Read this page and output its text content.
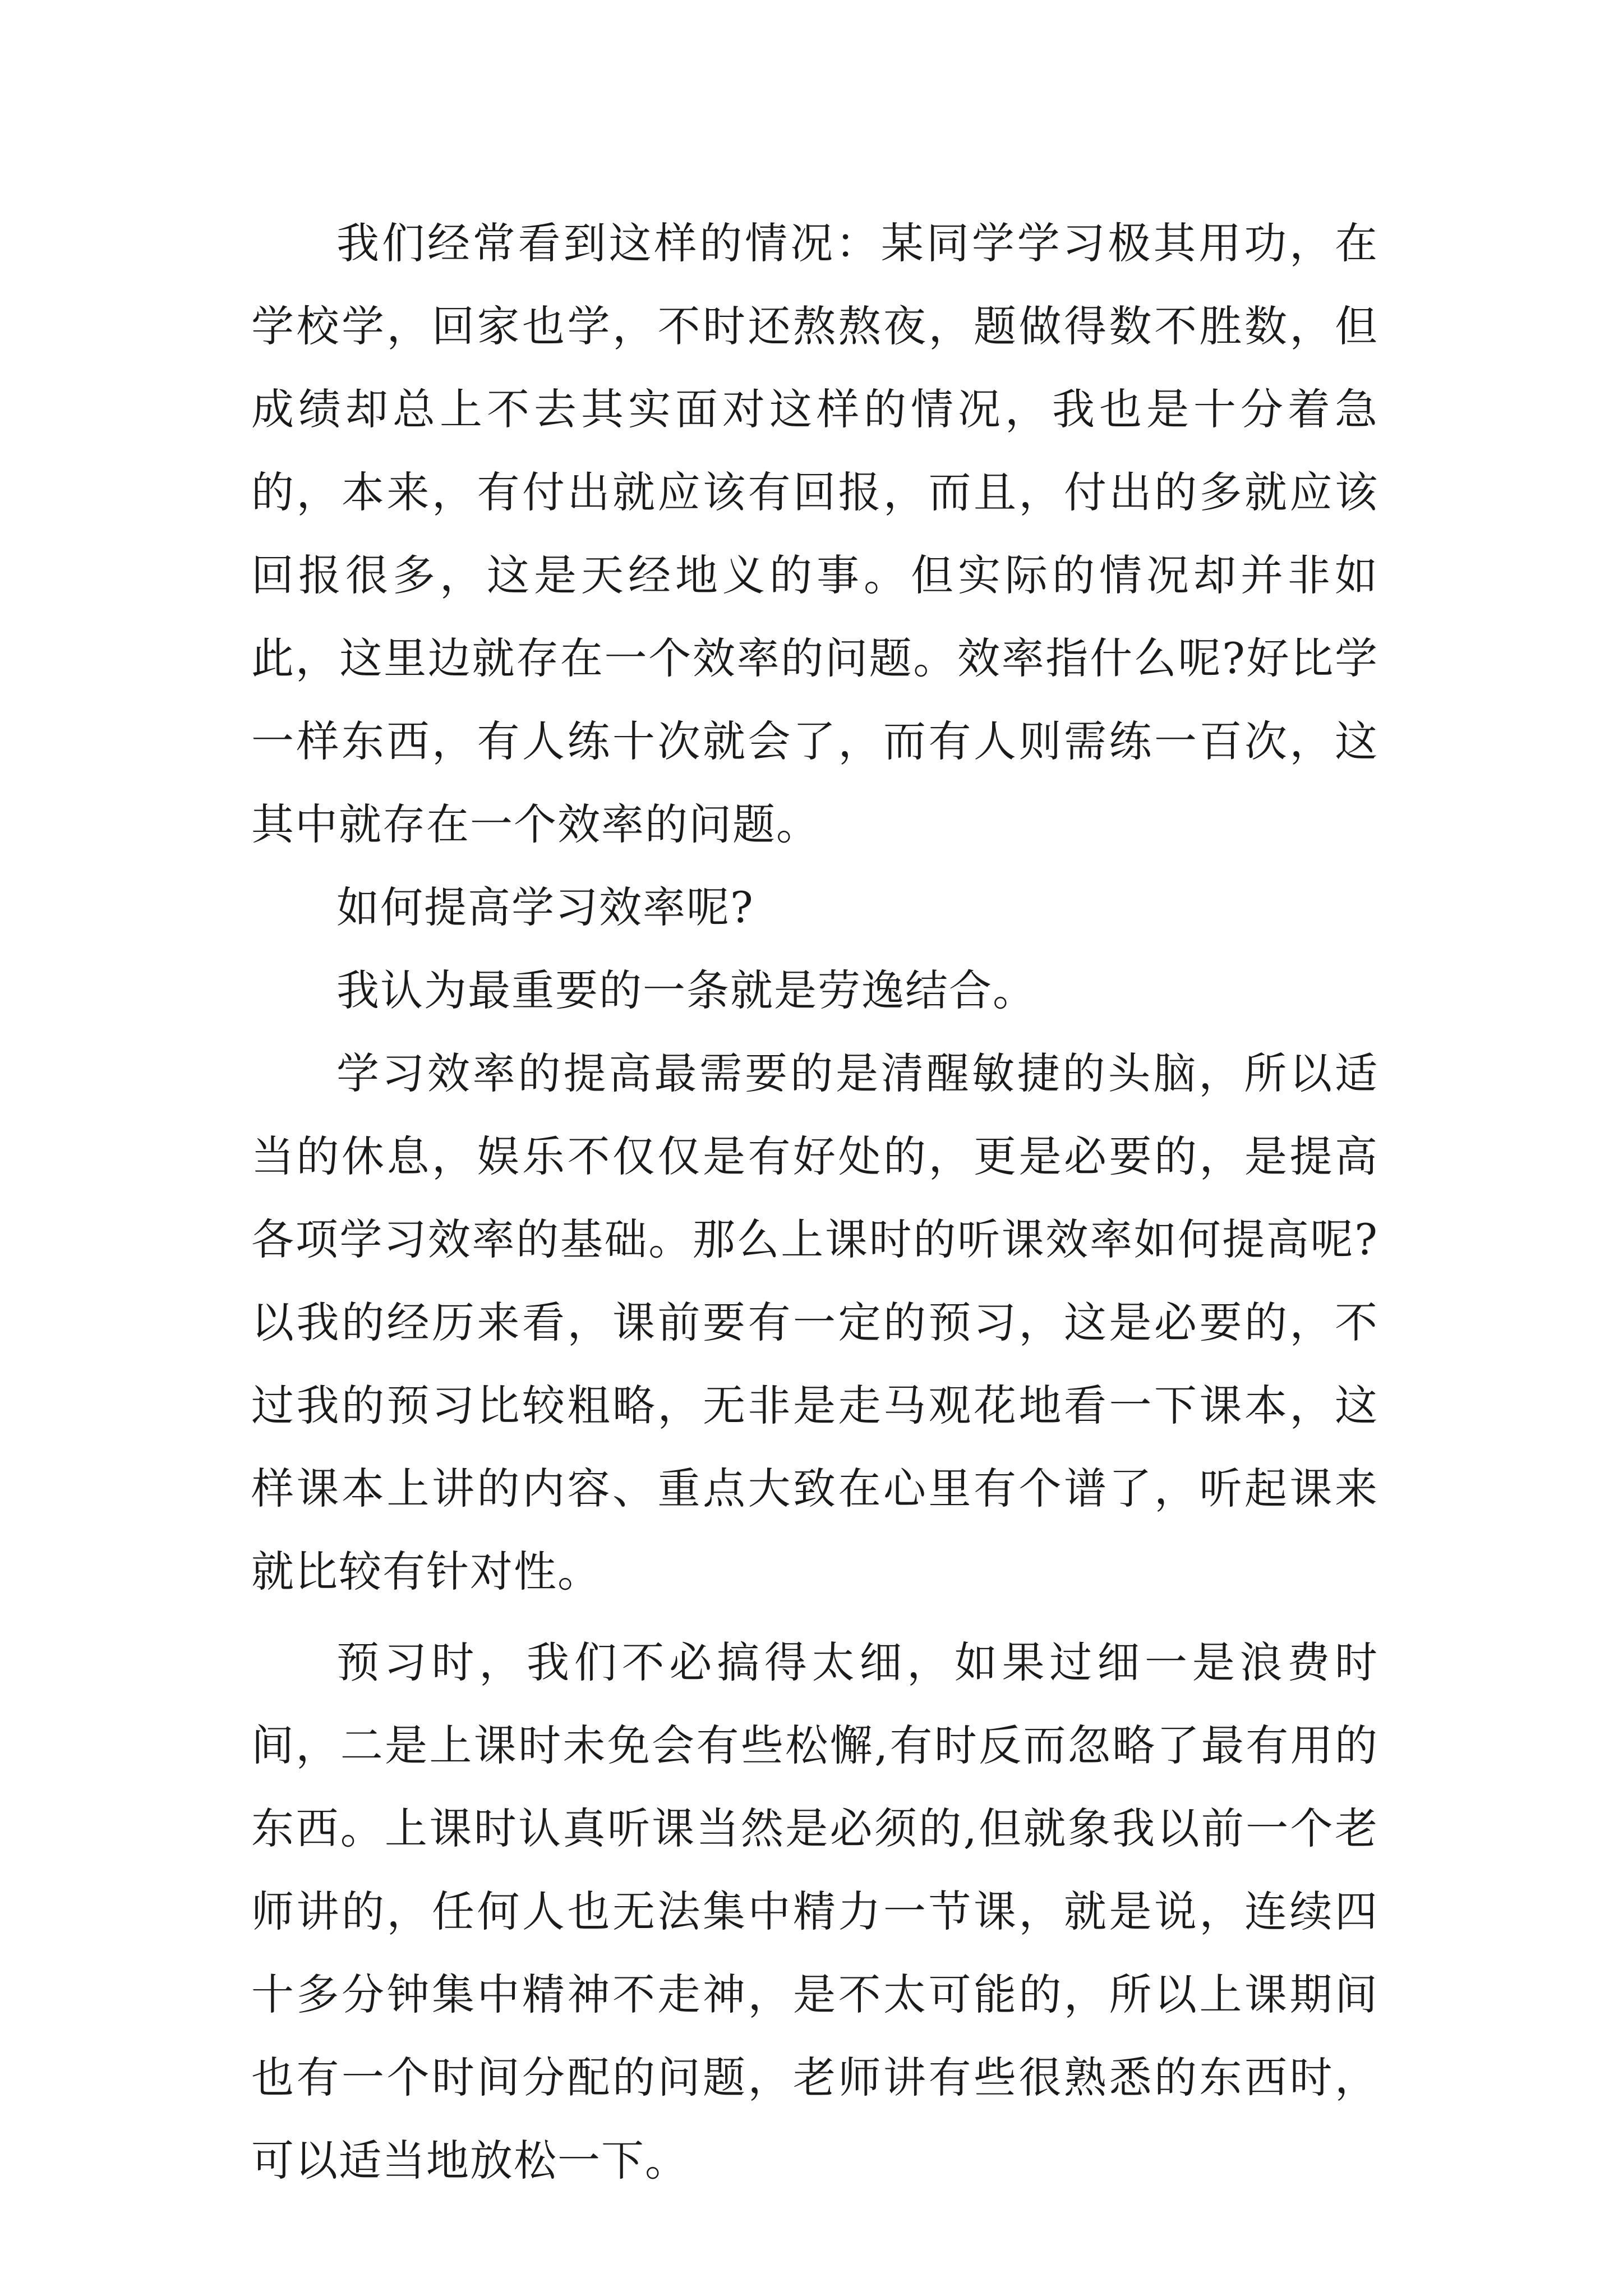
我们经常看到这样的情况：某同学学习极其用功，在学校学，回家也学，不时还熬熬夜，题做得数不胜数，但成绩却总上不去其实面对这样的情况，我也是十分着急的，本来，有付出就应该有回报，而且，付出的多就应该回报很多，这是天经地义的事。但实际的情况却并非如此，这里边就存在一个效率的问题。效率指什么呢?好比学一样东西，有人练十次就会了，而有人则需练一百次，这其中就存在一个效率的问题。

如何提高学习效率呢?

我认为最重要的一条就是劳逸结合。

学习效率的提高最需要的是清醒敏捷的头脑，所以适当的休息，娱乐不仅仅是有好处的，更是必要的，是提高各项学习效率的基础。那么上课时的听课效率如何提高呢?以我的经历来看，课前要有一定的预习，这是必要的，不过我的预习比较粗略，无非是走马观花地看一下课本，这样课本上讲的内容、重点大致在心里有个谱了，听起课来就比较有针对性。

预习时，我们不必搞得太细，如果过细一是浪费时间，二是上课时未免会有些松懈,有时反而忽略了最有用的东西。上课时认真听课当然是必须的,但就象我以前一个老师讲的，任何人也无法集中精力一节课，就是说，连续四十多分钟集中精神不走神，是不太可能的，所以上课期间也有一个时间分配的问题，老师讲有些很熟悉的东西时，可以适当地放松一下。
